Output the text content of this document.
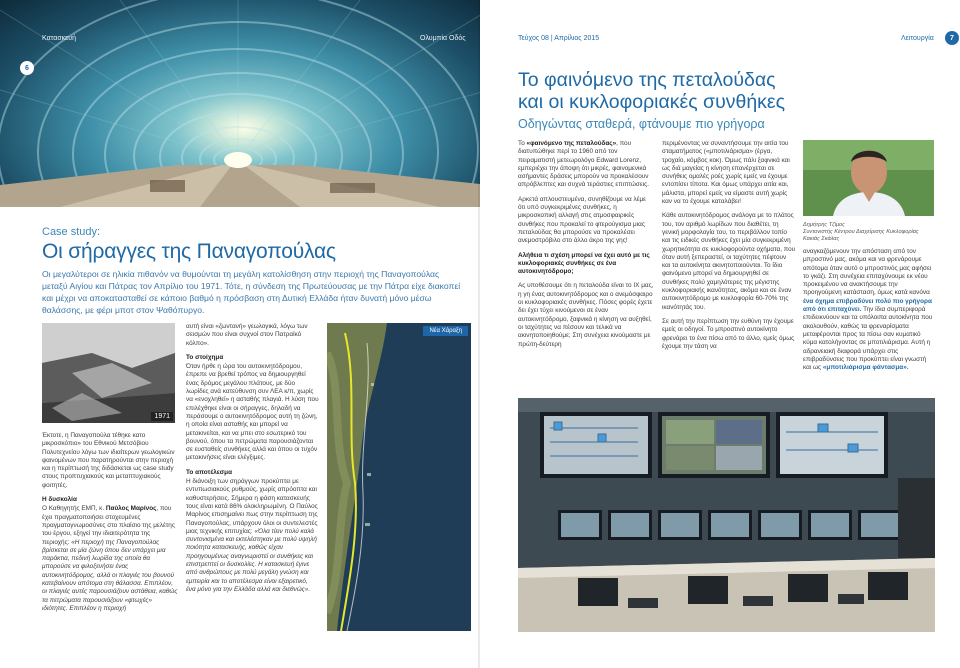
6
Κατασκευή	Ολυμπία Οδός
Case study:
Οι σήραγγες της Παναγοπούλας
Οι μεγαλύτεροι σε ηλικία πιθανόν να θυμούνται τη μεγάλη κατολίσθηση στην περιοχή της Παναγοπούλας μεταξύ Αιγίου και Πάτρας τον Απρίλιο του 1971. Τότε, η σύνδεση της Πρωτεύουσας με την Πάτρα είχε διακοπεί και μέχρι να αποκατασταθεί σε κάποιο βαθμό η πρόσβαση στη Δυτική Ελλάδα ήταν δυνατή μόνο μέσω θαλάσσης, με φέρι μποτ στον Ψαθόπυργο.
1971

Έκτοτε, η Παναγοπούλα τέθηκε κατο μικροσκόπιο» του Εθνικού Μετσόβιου Πολυτεχνείου λόγω των ιδιαίτερων γεωλογικών φαινομένων που παρατηρούνται στην περιοχή και η περίπτωσή της διδάσκεται ως case study στους προπτυχιακούς και μεταπτυχιακούς φοιτητές.

Η δυσκολία

Ο Καθηγητής ΕΜΠ, κ. Παύλος Μαρίνος, που έχει πραγματοποιήσει στοχευμένες πραγματογνωμοσύνες στο πλαίσιο της μελέτης του έργου, εξηγεί την ιδιαιτερότητα της περιοχής: «Η περιοχή της Παναγοπούλας βρίσκεται σε μία ζώνη όπου δεν υπάρχει μια παράκτια, πεδινή λωρίδα της οποία θα μπορούσε να φιλοξενήσει ένας αυτοκινητόδρομος, αλλά οι πλαγιές του βουνού κατεβαίνουν απότομα στη θάλασσα. Επιπλέον, οι πλαγιές αυτές παρουσιάζουν αστάθεια, καθώς τα πετρώματα παρουσιάζουν «φτωχές» ιδιότητες. Επιπλέον η περιοχή

αυτή είναι «ζωντανή» γεωλογικά, λόγω των σεισμών που είναι συχνοί στον Πατραϊκό κόλπο».

Το στοίχημα

Όταν ήρθε η ώρα του αυτοκινητόδρομου, έπρεπε να βρεθεί τρόπος να δημιουργηθεί ένας δρόμος μεγάλου πλάτους, με δύο λωρίδες ανά κατεύθυνση συν ΛΕΑ κ/π, χωρίς να «ενοχληθεί» η ασταθής πλαγιά. Η λύση που επιλέχθηκε είναι οι σήραγγες, δηλαδή να περάσουμε ο αυτοκινητόδρομος αυτή τη ζώνη, η οποία είναι ασταθής και μπορεί να μετακινείται, και να μπει στο εσωτερικό του βουνού, όπου τα πετρώματα παρουσιάζονται σε ευσταθείς συνθήκες αλλά και όπου οι τυχόν μετακινήσεις είναι ελέγξιμες.

Το αποτέλεσμα

Η διάνοιξη των σηράγγων προκύπτει με εντυπωσιακούς ρυθμούς, χωρίς απρόοπτα και καθυστερήσεις. Σήμερα η φάση κατασκευής τους είναι κατά 86% ολοκληρωμένη. Ο Παύλος Μαρίνος επισημαίνει πως στην περίπτωση της Παναγοπούλας, υπάρχουν όλοι οι συντελεστές μιας τεχνικής επιτυχίας: «Όλα τίειν πολύ καλά συντονισμένα και εκτελέστηκαν με πολύ υψηλή ποιότητα κατασκευής, καθώς είχαν προηγουμένως αναγνωριστεί οι συνθήκες και επιστρεπτεί οι δυσκολίες. Η κατασκευή έγινε από ανθρώπους με πολύ μεγάλη γνώση και εμπειρία και το αποτέλεσμα είναι εξαιρετικό, ένα μόνο για την Ελλάδα αλλά και διεθνώς».

Νέα Χάραξη
Τεύχος 08 | Απρίλιος 2015	Λειτουργία	7
Το φαινόμενο της πεταλούδας
και οι κυκλοφοριακές συνθήκες
Οδηγώντας σταθερά, φτάνουμε πιο γρήγορα

Το «φαινόμενο της πεταλούδας», που διατυπώθηκε περί το 1960 από τον πειραματιστή μετεωρολόγο Edward Lorenz, εμπεριέχει την άποψη ότι μικρές, φαινομενικά ασήμαντες δράσεις μπορούν να προκαλέσουν απρόβλεπτες και συχνά τεράστιες επιπτώσεις.

Αρκετά απλουστευμένα, συνηθίζουμε να λέμε ότι υπό συγκεκριμένες συνθήκες, η μικροσκοπική αλλαγή στις ατμοσφαιρικές συνθήκες που προκαλεί το φτερούγισμα μιας πεταλούδας θα μπορούσε να προκαλέσει ανεμοστρόβιλο στο άλλο άκρο της γης!

Αλήθεια τι σχέση μπορεί να έχει αυτό με τις κυκλοφοριακές συνθήκες σε ένα αυτοκινητόδρομο;

Ας υποθέσουμε ότι η πεταλούδα είναι το ΙΧ μας, η γη ένας αυτοκινητόδρομος και ο ανεμόσφαιρο οι κυκλοφοριακές συνθήκες. Πόσες φορές έχετε δει έχει τύχει κινούμενοι σε έναν αυτοκινητόδρομο, ξαφνικά η κίνηση να αυξηθεί, οι ταχύτητες να πέσουν και τελικά να ακινητοποιηθούμε; Στη συνέχεια κινούμαστε με πρώτη-δεύτερη

περιμένοντας να συναντήσουμε την αιτία του σταματήματος («μποτιλιάρισμα» (έργα, τροχαίο, κόμβος κοκ). Όμως πάλι ξαφνικά και ως διά μαγείας η κίνηση επανέρχεται σε συνήθεις ομαλές ροές χωρίς εμείς να έχουμε εντοπίσει τίποτα. Και όμως υπάρχει αιτία και, μάλιστα, μπορεί εμείς να είμαστε αυτή χωρίς καν να το έχουμε καταλάβει!

Κάθε αυτοκινητόδρομος ανάλογα με το πλάτος του, τον αριθμό λωρίδων που διαθέτει, τη γενική μορφολογία του, το περιβάλλον τοπίο και τις ειδικές συνθήκες έχει μία συγκεκριμένη χωρητικότητα σε κυκλοφορούντα οχήματα, που όταν αυτή ξεπεραστεί, οι ταχύτητες πέφτουν και τα αυτοκίνητα ακινητοποιούνται. Το ίδιο φαινόμενο μπορεί να δημιουργηθεί σε συνθήκες πολύ χαμηλότερες της μέγιστης κυκλοφοριακής ικανότητας, ακόμα και σε έναν αυτοκινητόδρομο με κυκλοφορία 60-70% της ικανότητάς του.

Σε αυτή την περίπτωση την ευθύνη την έχουμε εμείς οι οδηγοί. Το μπροστινό αυτοκίνητο φρενάρει το ένα πίσω από το άλλο, εμείς όμως έχουμε την τάση να

Δημήτρης Τζίμος
Συντονιστής Κέντρου Διαχείρισης Κυκλοφορίας Κακιάς Σκάλας

αναγκαζόμενουν την απόσταση από τον μπροστινό μας, ακόμα και να φρενάρουμε απότομα όταν αυτό ο μπροστινός μας αφήσει το γκάζι. Στη συνέχεια επιταχύνουμε εκ νέου προκειμένου να ανακτήσουμε την προηγούμενη κατάσταση, όμως κατά κανόνα ένα όχημα επιβραδύνει πολύ πιο γρήγορα από ότι επιταχύνει. Την ίδια συμπεριφορά επιδεικνύουν και τα υπόλοιπα αυτοκίνητα που ακολουθούν, καθώς τα φρεναρίσματα μεταφέρονται προς τα πίσω σαν κυματικό κύμα κατολήγοντας σε μποτιλιάρισμα. Αυτή η αδρανειακή διαφορά υπάρχει στις επιβραδύνσεις που προκύπτει είναι γνωστή και ως «μποτιλιάρισμα φάντασμα».
